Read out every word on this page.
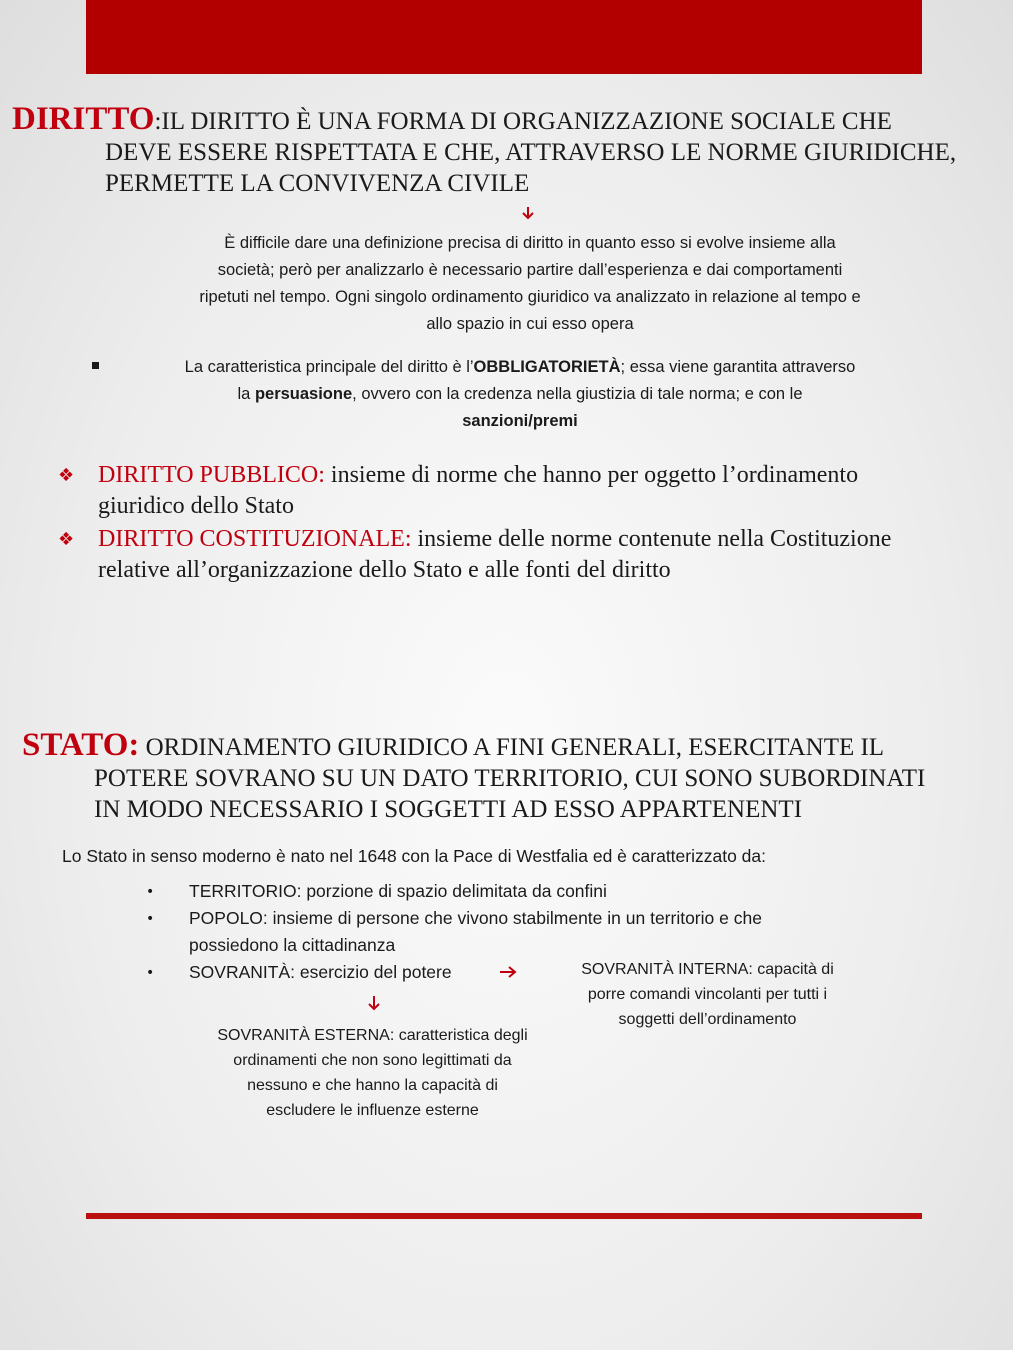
DIRITTO:IL DIRITTO È UNA FORMA DI ORGANIZZAZIONE SOCIALE CHE
DEVE ESSERE RISPETTATA E CHE, ATTRAVERSO LE NORME GIURIDICHE,
PERMETTE LA CONVIVENZA CIVILE
È difficile dare una definizione precisa di diritto in quanto esso si evolve insieme alla
società; però per analizzarlo è necessario partire dall’esperienza e dai comportamenti
ripetuti nel tempo. Ogni singolo ordinamento giuridico va analizzato in relazione al tempo e
allo spazio in cui esso opera
La caratteristica principale del diritto è l’OBBLIGATORIETÀ; essa viene garantita attraverso
la persuasione, ovvero con la credenza nella giustizia di tale norma; e con le
sanzioni/premi
❖ DIRITTO PUBBLICO: insieme di norme che hanno per oggetto l’ordinamento
giuridico dello Stato
❖ DIRITTO COSTITUZIONALE: insieme delle norme contenute nella Costituzione
relative all’organizzazione dello Stato e alle fonti del diritto
STATO: ORDINAMENTO GIURIDICO A FINI GENERALI, ESERCITANTE IL
POTERE SOVRANO SU UN DATO TERRITORIO, CUI SONO SUBORDINATI
IN MODO NECESSARIO I SOGGETTI AD ESSO APPARTENENTI
Lo Stato in senso moderno è nato nel 1648 con la Pace di Westfalia ed è caratterizzato da:
• TERRITORIO: porzione di spazio delimitata da confini
• POPOLO: insieme di persone che vivono stabilmente in un territorio e che
possiedono la cittadinanza
• SOVRANITÀ: esercizio del potere	SOVRANITÀ INTERNA: capacità di
porre comandi vincolanti per tutti i
soggetti dell’ordinamento
SOVRANITÀ ESTERNA: caratteristica degli
ordinamenti che non sono legittimati da
nessuno e che hanno la capacità di
escludere le influenze esterne
